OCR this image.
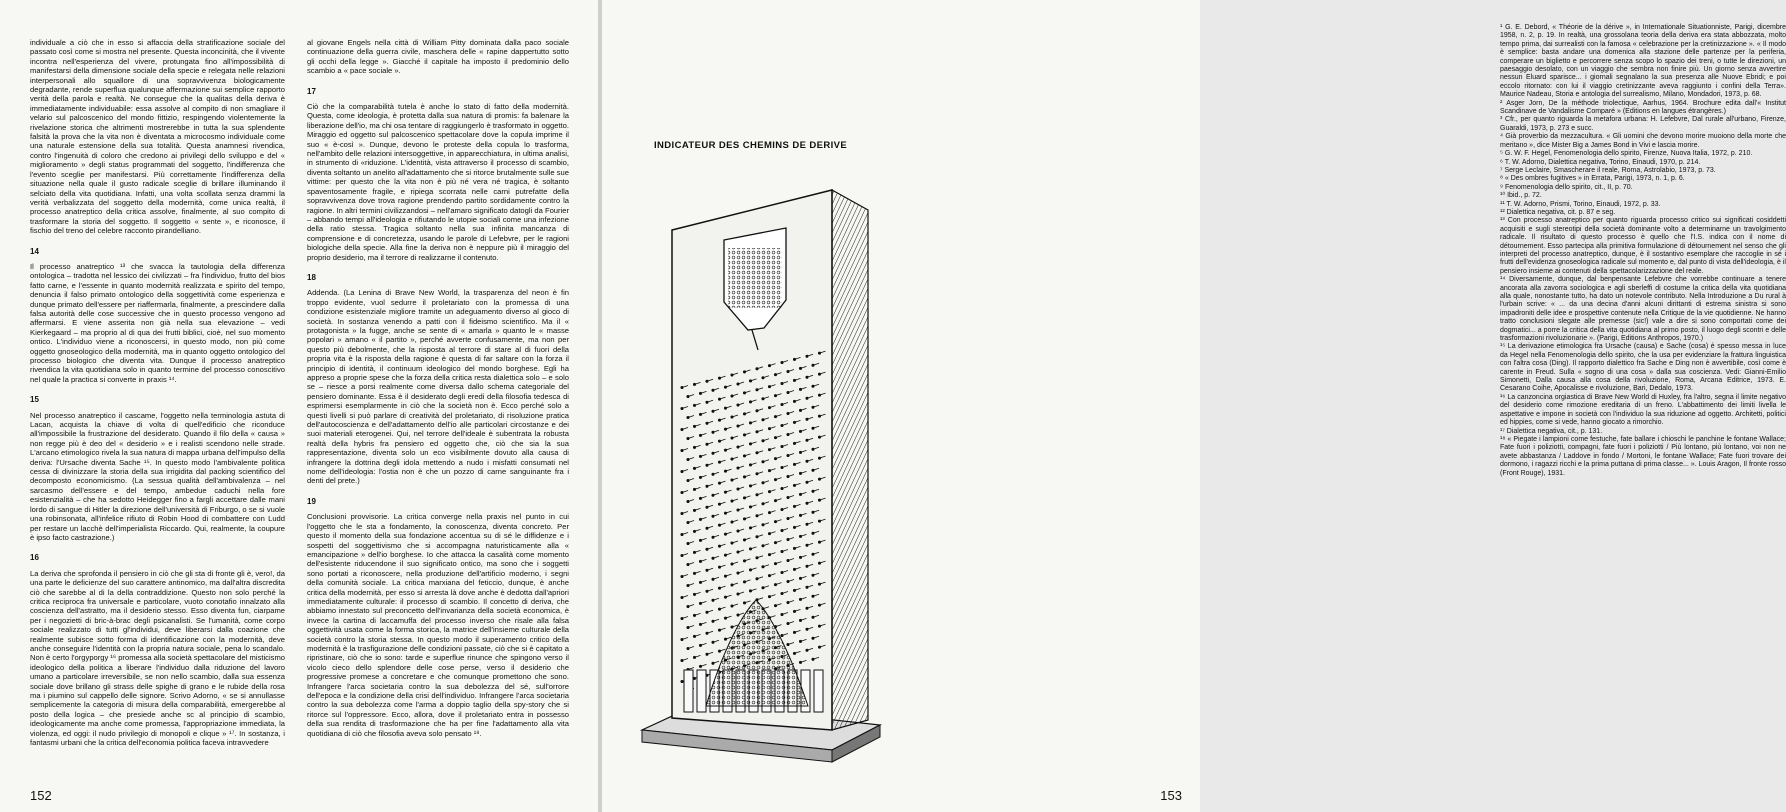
individuale a ciò che in esso si affaccia della stratificazione sociale del passato così come si mostra nel presente. Questa inconcinità, che il vivente incontra nell'esperienza del vivere, protungata fino all'impossibilità di manifestarsi della dimensione sociale della specie e relegata nelle relazioni interpersonali allo squallore di una sopravvivenza biologicamente degradante, rende superflua qualunque affermazione sui semplice rapporto verità della parola e realtà. Ne consegue che la qualitas della deriva è immediatamente individuabile: essa assolve al compito di non smagliare il velario sul palcoscenico del mondo fittizio, respingendo violentemente la rivelazione storica che altrimenti mostrerebbe in tutta la sua splendente falsità la prova che la vita non è diventata a microcosmo individuale come una naturale estensione della sua totalità. Questa anamnesi rivendica, contro l'ingenuità di coloro che credono ai privilegi dello sviluppo e del « miglioramento » degli status programmati del soggetto, l'indifferenza che l'evento sceglie per manifestarsi. Più correttamente l'indifferenza della situazione nella quale il gusto radicale sceglie di brillare illuminando il selciato della vita quotidiana. Infatti, una volta scollata senza drammi la verità verbalizzata del soggetto della modernità, come unica realtà, il processo anatreptico della critica assolve, finalmente, al suo compito di trasformare la storia del soggetto. Il soggetto « sente », e riconosce, il fischio del treno del celebre racconto pirandelliano.

14

Il processo anatreptico ¹³ che svacca la tautologia della differenza ontologica – tradotta nel lessico dei civilizzati – fra l'individuo, frutto del bios fatto carne, e l'essente in quanto modernità realizzata e spirito del tempo, denuncia il falso primato ontologico della soggettività come esperienza e dunque primato dell'essere per riaffermarla, finalmente, a prescindere dalla falsa autorità delle cose successive che in questo processo vengono ad affermarsi. E viene asserita non già nella sua elevazione – vedi Kierkegaard – ma proprio al di qua dei frutti biblici, cioè, nel suo momento ontico. L'individuo viene a riconoscersi, in questo modo, non più come oggetto gnoseologico della modernità, ma in quanto oggetto ontologico del processo biologico che diventa vita. Dunque il processo anatreptico rivendica la vita quotidiana solo in quanto termine del processo conoscitivo nel quale la practica si converte in praxis ¹⁴.

15

Nel processo anatreptico il cascame, l'oggetto nella terminologia astuta di Lacan, acquista la chiave di volta di quell'edificio che riconduce all'impossibile la frustrazione del desiderato. Quando il filo della « causa » non regge più è deo del « desiderio » e i realisti scendono nelle strade. L'arcano etimologico rivela la sua natura di mappa urbana dell'impulso della deriva: l'Ursache diventa Sache ¹⁵. In questo modo l'ambivalente politica cessa di divinizzare la storia della sua irrigidita dal packing scientifico del decomposto economicismo. (La sessua qualità dell'ambivalenza – nel sarcasmo dell'essere e del tempo, ambedue caduchi nella fore esistenzialità – che ha sedotto Heidegger fino a fargli accettare dalle mani lordo di sangue di Hitler la direzione dell'università di Friburgo, o se si vuole una robinsonata, all'infelice rifiuto di Robin Hood di combattere con Ludd per restare un lacchè dell'imperialista Riccardo. Qui, realmente, la coupure è ipso facto castrazione.)

16

La deriva che sprofonda il pensiero in ciò che gli sta di fronte gli è, vero!, da una parte le deficienze del suo carattere antinomico, ma dall'altra discredita ciò che sarebbe al di la della contraddizione. Questo non solo perché la critica reciproca fra universale e particolare, vuoto conotafio innalzato alla coscienza dell'astratto, ma il desiderio stesso. Esso diventa fun, ciarpame per i negozietti di bric-à-brac degli psicanalisti. Se l'umanità, come corpo sociale realizzato di tutti gl'individui, deve liberarsi dalla coazione che realmente subisce sotto forma di identificazione con la modernità, deve anche conseguire l'identità con la propria natura sociale, pena lo scandalo. Non è certo l'orgyporgy ¹⁶ promessa alla società spettacolare del misticismo ideologico della politica a liberare l'individuo dalla riduzione del lavoro umano a particolare irreversibile, se non nello scambio, dalla sua essenza sociale dove brillano gli strass delle spighe di grano e le rubide della rosa ma i piumino sul cappello delle signore. Scrivo Adorno, « se si annullasse semplicemente la categoria di misura della comparabilità, emergerebbe al posto della logica – che presiede anche sc al principio di scambio, ideologicamente ma anche come promessa, l'appropriazione immediata, la violenza, ed oggi: il nudo privilegio di monopoli e clique » ¹⁷. In sostanza, i fantasmi urbani che la critica dell'economia politica faceva intravvedere

al giovane Engels nella città di William Pitty dominata dalla paco sociale continuazione della guerra civile, maschera delle « rapine dappertutto sotto gli occhi della legge ». Giacché il capitale ha imposto il predominio dello scambio a « pace sociale ».

17

Ciò che la comparabilità tutela è anche lo stato di fatto della modernità. Questa, come ideologia, è protetta dalla sua natura di promis: fa balenare la liberazione dell'io, ma chi osa tentare di raggiungerlo è trasformato in oggetto. Miraggio ed oggetto sul palcoscenico spettacolare dove la copula imprime il suo « è-così ». Dunque, devono le proteste della copula lo trasforma, nell'ambito delle relazioni intersoggettive, in apparecchiatura, in ultima analisi, in strumento di «riduzione. L'identità, vista attraverso il processo di scambio, diventa soltanto un anelito all'adattamento che si ritorce brutalmente sulle sue vittime: per questo che la vita non è più né vera né tragica, è soltanto spaventosamente fragile, e ripiega scorrata nelle carni putrefatte della sopravvivenza dove trova ragione prendendo partito sordidamente contro la ragione. In altri termini civilizzandosi – nell'amaro significato datogli da Fourier – abbando tempi all'ideologia e rifiutando le utopie sociali come una infezione della ratio stessa. Tragica soltanto nella sua infinita mancanza di comprensione e di concretezza, usando le parole di Lefebvre, per le ragioni biologiche della specie. Alla fine la deriva non è neppure più il miraggio del proprio desiderio, ma il terrore di realizzarne il contenuto.

18

Addenda. (La Lenina di Brave New World, la trasparenza del neon è fin troppo evidente, vuol sedurre il proletariato con la promessa di una condizione esistenziale migliore tramite un adeguamento diverso al gioco di società. In sostanza venendo a patti con il fideismo scientifico. Ma il « protagonista » la fugge, anche se sente di « amarla » quanto le « masse popolari » amano « il partito », perché avverte confusamente, ma non per questo più debolmente, che la risposta al terrore di stare al di fuori della propria vita è la risposta della ragione è questa di far saltare con la forza il principio di identità, il continuum ideologico del mondo borghese. Egli ha appreso a proprie spese che la forza della critica resta dialettica solo – e solo se – riesce a porsi realmente come diversa dallo schema categoriale del pensiero dominante. Essa è il desiderato degli eredi della filosofia tedesca di esprimersi esemplarmente in ciò che la società non è. Ecco perché solo a questi livelli si può parlare di creatività del proletariato, di risoluzione pratica dell'autocoscienza e dell'adattamento dell'io alle particolari circostanze e dei suoi materiali eterogenei. Qui, nel terrore dell'ideale è subentrata la robusta realtà della hybris fra pensiero ed oggetto che, ciò che sia la sua rappresentazione, diventa solo un eco visibilmente dovuto alla causa di infrangere la dottrina degli idola mettendo a nudo i misfatti consumati nel nome dell'ideologia: l'ostia non è che un pozzo di carne sanguinante fra i denti del prete.)

19

Conclusioni provvisorie. La critica converge nella praxis nel punto in cui l'oggetto che le sta a fondamento, la conoscenza, diventa concreto. Per questo il momento della sua fondazione accentua su di sé le diffidenze e i sospetti del soggettivismo che si accompagna naturisticamente alla « emancipazione » dell'io borghese. Io che attacca la casalità come momento dell'esistente riducendone il suo significato ontico, ma sono che i soggetti sono portati a riconoscere, nella produzione dell'artificio moderno, i segni della comunità sociale. La critica marxiana del feticcio, dunque, è anche critica della modernità, per esso si arresta là dove anche è dedotta dall'apriori immediatamente culturale: il processo di scambio. Il concetto di deriva, che abbiamo innestato sul preconcetto dell'invarianza della società economica, è invece la cartina di laccamuffa del processo inverso che risale alla falsa oggettività usata come la forma storica, la matrice dell'insieme culturale della società contro la storia stessa. In questo modo il superamento critico della modernità è la trasfigurazione delle condizioni passate, ciò che si è capitato a ripristinare, ciò che io sono: tarde e superflue rinunce che spingono verso il vicolo cieco dello splendore delle cose perse, verso il desiderio che progressive promese a concretare e che comunque promettono che sono. Infrangere l'arca societaria contro la sua debolezza del sé, sull'orrore dell'epoca e la condizione della crisi dell'individuo. Infrangere l'arca societaria contro la sua debolezza come l'arma a doppio taglio della spy-story che si ritorce sul l'oppressore. Ecco, allora, dove il proletariato entra in possesso della sua rendita di trasformazione che ha per fine l'adattamento alla vita quotidiana di ciò che filosofia aveva solo pensato ¹⁸.

152
INDICATEUR DES CHEMINS DE DERIVE

¹ G. E. Debord, « Théorie de la dérive », in Internationale Situationniste, Parigi, dicembre 1958, n. 2, p. 19. In realtà, una grossolana teoria della deriva era stata abbozzata, molto tempo prima, dai surrealisti con la famosa « celebrazione per la cretinizzazione ». « Il modo è semplice: basta andare una domenica alla stazione delle partenze per la periferia, comperare un biglietto e percorrere senza scopo lo spazio dei treni, o tutte le direzioni, un paesaggio desolato, con un viaggio che sembra non finire più. Un giorno senza avvertire nessun Eluard sparisce... i giornali segnalano la sua presenza alle Nuove Ebridi; e poi eccolo ritornato: con lui il viaggio cretinizzante aveva raggiunto i confini della Terra». Maurice Nadeau, Storia e antologia del surrealismo, Milano, Mondadori, 1973, p. 68.

² Asger Jorn, De la méthode triolectique, Aarhus, 1964. Brochure edita dall'« Institut Scandinave de Vandalisme Comparé » (Editions en langues étrangères.)

³ Cfr., per quanto riguarda la metafora urbana: H. Lefebvre, Dal rurale all'urbano, Firenze, Guaraldi, 1973, p. 273 e succ.

⁴ Già proverbio da mezzacultura. « Gli uomini che devono morire muoiono della morte che meritano », dice Mister Big a James Bond in Vivi e lascia morire.

⁵ G. W. F. Hegel, Fenomenologia dello spirito, Firenze, Nuova Italia, 1972, p. 210.

⁶ T. W. Adorno, Dialettica negativa, Torino, Einaudi, 1970, p. 214.

⁷ Serge Leclaire, Smascherare il reale, Roma, Astrolabio, 1973, p. 73.

⁸ « Des ombres fugitives » in Errata, Parigi, 1973, n. 1, p. 6.

⁹ Fenomenologia dello spirito, cit., II, p. 70.

¹⁰ Ibid., p. 72.

¹¹ T. W. Adorno, Prismi, Torino, Einaudi, 1972, p. 33.

¹² Dialettica negativa, cit. p. 87 e seg.

¹³ Con processo anatreptico per quanto riguarda processo critico sui significati cosiddetti acquisiti e sugli stereotipi della società dominante volto a determinarne un travolgimento radicale. Il risultato di questo processo è quello che l'I.S. indica con il nome di détournement. Esso partecipa alla primitiva formulazione di détournement nel senso che gli interpreti del processo anatreptico, dunque, è il sostantivo esemplare che raccoglie in sé i frutti dell'evidenza gnoseologica radicale sul momento e, dal punto di vista dell'ideologia, è il pensiero insieme ai contenuti della spettacolarizzazione del reale.

¹⁴ Diversamente, dunque, dal benpensante Lefebvre che vorrebbe continuare a tenere ancorata alla zavorra sociologica e agli sberleffi di costume la critica della vita quotidiana alla quale, nonostante tutto, ha dato un notevole contributo. Nella Introduzione a Du rural à l'urbain scrive: « ... da una decina d'anni alcuni dirittanti di estrema sinistra si sono impadroniti delle idee e prospettive contenute nella Critique de la vie quotidienne. Ne hanno tratto conclusioni slegate alle premesse (sic!) vale a dire si sono comportati come dei dogmatici... a porre la critica della vita quotidiana al primo posto, il luogo degli scontri e delle trasformazioni rivoluzionarie ». (Parigi, Editions Anthropos, 1970.)

¹⁵ La derivazione etimologica fra Ursache (causa) e Sache (cosa) è spesso messa in luce da Hegel nella Fenomenologia dello spirito, che la usa per evidenziare la frattura linguistica con l'altra cosa (Ding). Il rapporto dialettico fra Sache e Ding non è avvertibile, così come è carente in Freud. Sulla « sogno di una cosa » dalla sua coscienza. Vedi: Gianni-Emilio Simonetti, Dalla causa alla cosa della rivoluzione, Roma, Arcana Editrice, 1973. E. Cesarano Coihe, Apocalisse e rivoluzione, Bari, Dedalo, 1973.

¹⁶ La canzoncina orgiastica di Brave New World di Huxley, fra l'altro, segna il limite negativo del desiderio come rimozione ereditaria di un freno. L'abbattimento dei limiti livella le aspettative e impone in società con l'individuo la sua riduzione ad oggetto. Architetti, politici ed hippies, come si vede, hanno giocato a rimorchio.

¹⁷ Dialettica negativa, cit., p. 131.

¹⁸ « Piegate i lampioni come festuche, fate ballare i chioschi le panchine le fontane Wallace; Fate fuori i poliziotti, compagni, fate fuori i poliziotti / Più lontano, più lontano, voi non ne avete abbastanza / Laddove in fondo / Mortoni, le fontane Wallace; Fate fuori trovare dei dormono, i ragazzi ricchi e la prima puttana di prima classe... ». Louis Aragon, Il fronte rosso (Front Rouge), 1931.

153
